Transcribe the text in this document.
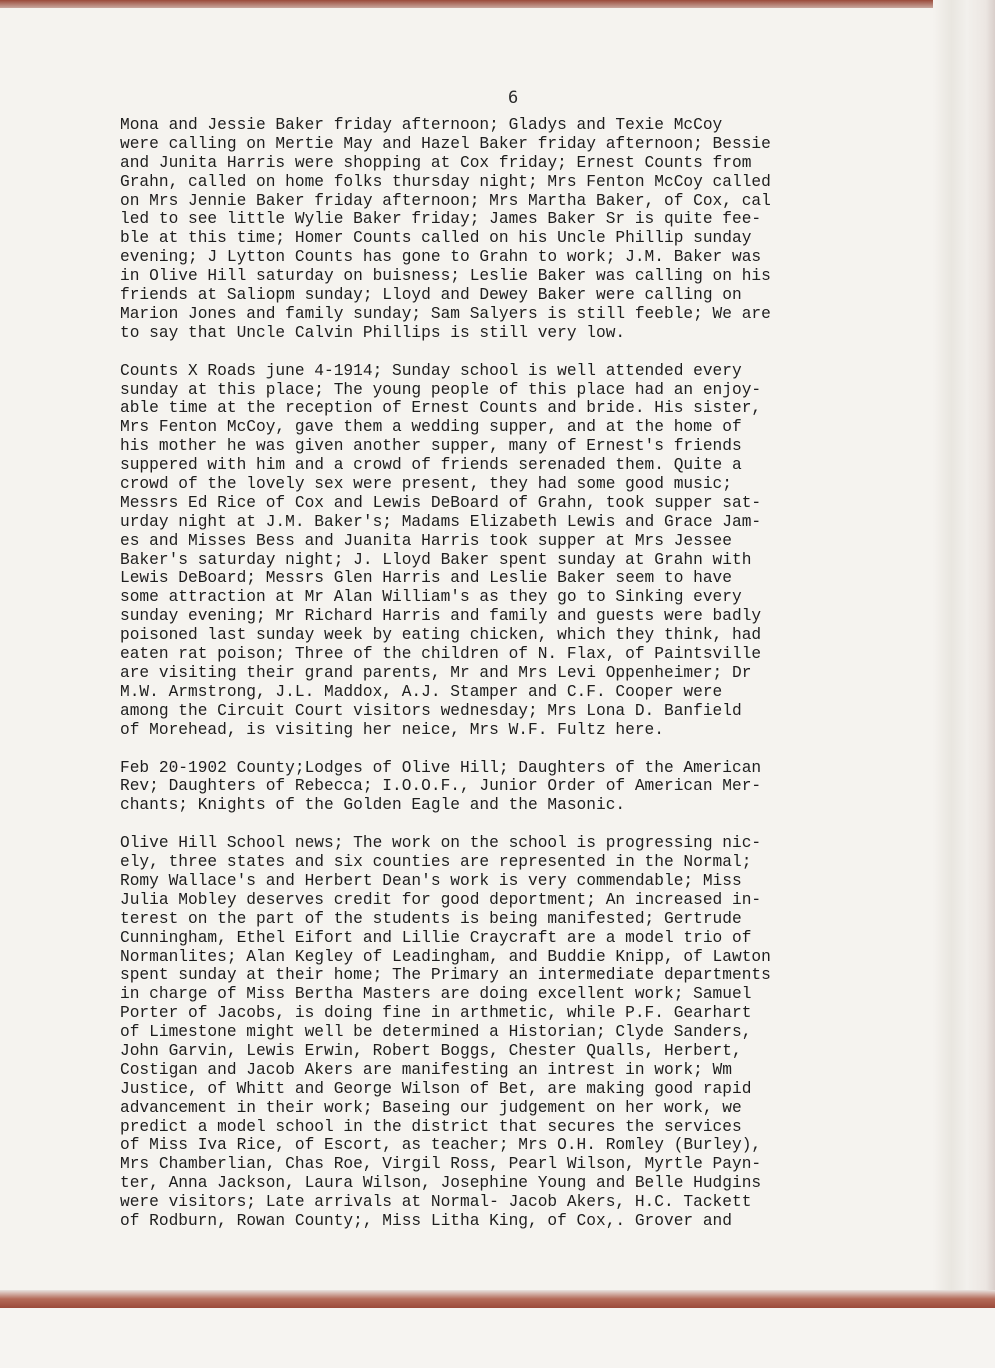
6
Mona and Jessie Baker friday afternoon; Gladys and Texie McCoy
were calling on Mertie May and Hazel Baker friday afternoon; Bessie
and Junita Harris were shopping at Cox friday; Ernest Counts from
Grahn, called on home folks thursday night; Mrs Fenton McCoy called
on Mrs Jennie Baker friday afternoon; Mrs Martha Baker, of Cox, cal
led to see little Wylie Baker friday; James Baker Sr is quite fee-
ble at this time; Homer Counts called on his Uncle Phillip sunday
evening; J Lytton Counts has gone to Grahn to work; J.M. Baker was
in Olive Hill saturday on buisness; Leslie Baker was calling on his
friends at Saliopm sunday; Lloyd and Dewey Baker were calling on
Marion Jones and family sunday; Sam Salyers is still feeble; We are
to say that Uncle Calvin Phillips is still very low.
Counts X Roads june 4-1914; Sunday school is well attended every
sunday at this place; The young people of this place had an enjoy-
able time at the reception of Ernest Counts and bride. His sister,
Mrs Fenton McCoy, gave them a wedding supper, and at the home of
his mother he was given another supper, many of Ernest's friends
suppered with him and a crowd of friends serenaded them. Quite a
crowd of the lovely sex were present, they had some good music;
Messrs Ed Rice of Cox and Lewis DeBoard of Grahn, took supper sat-
urday night at J.M. Baker's; Madams Elizabeth Lewis and Grace Jam-
es and Misses Bess and Juanita Harris took supper at Mrs Jessee
Baker's saturday night; J. Lloyd Baker spent sunday at Grahn with
Lewis DeBoard; Messrs Glen Harris and Leslie Baker seem to have
some attraction at Mr Alan William's as they go to Sinking every
sunday evening; Mr Richard Harris and family and guests were badly
poisoned last sunday week by eating chicken, which they think, had
eaten rat poison; Three of the children of N. Flax, of Paintsville
are visiting their grand parents, Mr and Mrs Levi Oppenheimer; Dr
M.W. Armstrong, J.L. Maddox, A.J. Stamper and C.F. Cooper were
among the Circuit Court visitors wednesday; Mrs Lona D. Banfield
of Morehead, is visiting her neice, Mrs W.F. Fultz here.
Feb 20-1902 County;Lodges of Olive Hill; Daughters of the American
Rev; Daughters of Rebecca; I.O.O.F., Junior Order of American Mer-
chants; Knights of the Golden Eagle and the Masonic.
Olive Hill School news; The work on the school is progressing nic-
ely, three states and six counties are represented in the Normal;
Romy Wallace's and Herbert Dean's work is very commendable; Miss
Julia Mobley deserves credit for good deportment; An increased in-
terest on the part of the students is being manifested; Gertrude
Cunningham, Ethel Eifort and Lillie Craycraft are a model trio of
Normanlites; Alan Kegley of Leadingham, and Buddie Knipp, of Lawton
spent sunday at their home; The Primary an intermediate departments
in charge of Miss Bertha Masters are doing excellent work; Samuel
Porter of Jacobs, is doing fine in arthmetic, while P.F. Gearhart
of Limestone might well be determined a Historian; Clyde Sanders,
John Garvin, Lewis Erwin, Robert Boggs, Chester Qualls, Herbert,
Costigan and Jacob Akers are manifesting an intrest in work; Wm
Justice, of Whitt and George Wilson of Bet, are making good rapid
advancement in their work; Baseing our judgement on her work, we
predict a model school in the district that secures the services
of Miss Iva Rice, of Escort, as teacher; Mrs O.H. Romley (Burley),
Mrs Chamberlian, Chas Roe, Virgil Ross, Pearl Wilson, Myrtle Payn-
ter, Anna Jackson, Laura Wilson, Josephine Young and Belle Hudgins
were visitors; Late arrivals at Normal- Jacob Akers, H.C. Tackett
of Rodburn, Rowan County;, Miss Litha King, of Cox,. Grover and
